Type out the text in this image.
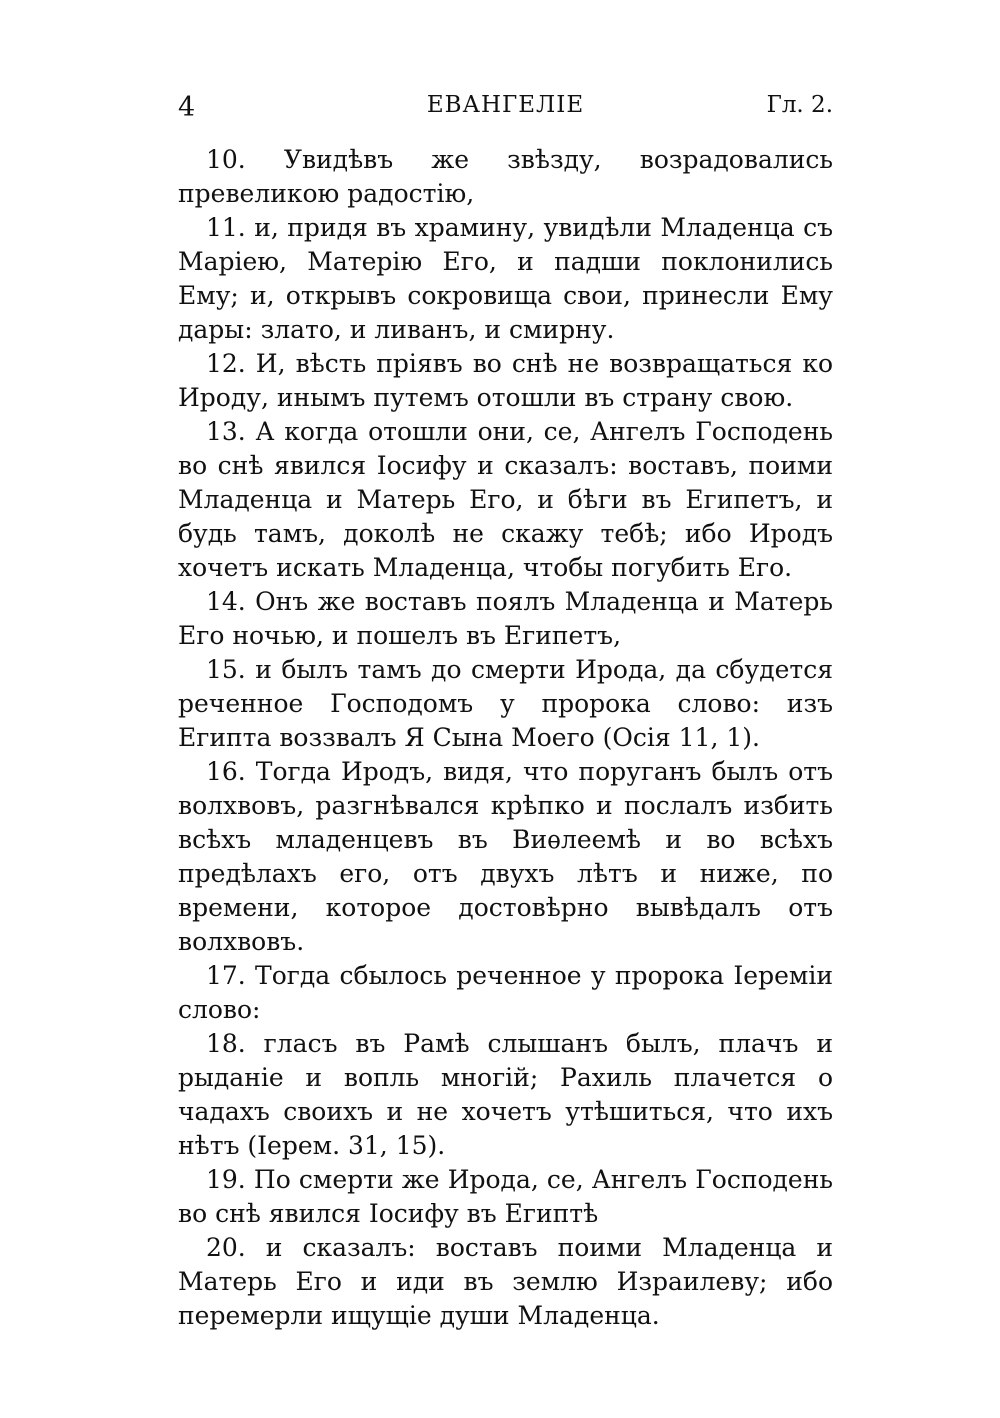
4	ЕВАНГЕЛІЕ	Гл. 2.

10. Увидѣвъ же звѣзду, возрадовались превеликою радостію,

11. и, придя въ храмину, увидѣли Младенца съ Маріею, Матерію Его, и падши поклонились Ему; и, открывъ сокровища свои, принесли Ему дары: злато, и ливанъ, и смирну.

12. И, вѣсть пріявъ во снѣ не возвращаться ко Ироду, инымъ путемъ отошли въ страну свою.

13. А когда отошли они, се, Ангелъ Господень во снѣ явился Іосифу и сказалъ: воставъ, поими Младенца и Матерь Его, и бѣги въ Египетъ, и будь тамъ, доколѣ не скажу тебѣ; ибо Иродъ хочетъ искать Младенца, чтобы погубить Его.

14. Онъ же воставъ поялъ Младенца и Матерь Его ночью, и пошелъ въ Египетъ,

15. и былъ тамъ до смерти Ирода, да сбудется реченное Господомъ у пророка слово: изъ Египта воззвалъ Я Сына Моего (Осія 11, 1).

16. Тогда Иродъ, видя, что поруганъ былъ отъ волхвовъ, разгнѣвался крѣпко и послалъ избить всѣхъ младенцевъ въ Виѳлеемѣ и во всѣхъ предѣлахъ его, отъ двухъ лѣтъ и ниже, по времени, которое достовѣрно вывѣдалъ отъ волхвовъ.

17. Тогда сбылось реченное у пророка Іереміи слово:

18. гласъ въ Рамѣ слышанъ былъ, плачъ и рыданіе и вопль многій; Рахиль плачется о чадахъ своихъ и не хочетъ утѣшиться, что ихъ нѣтъ (Iерем. 31, 15).

19. По смерти же Ирода, се, Ангелъ Господень во снѣ явился Іосифу въ Египтѣ

20. и сказалъ: воставъ поими Младенца и Матерь Его и иди въ землю Израилеву; ибо перемерли ищущіе души Младенца.
